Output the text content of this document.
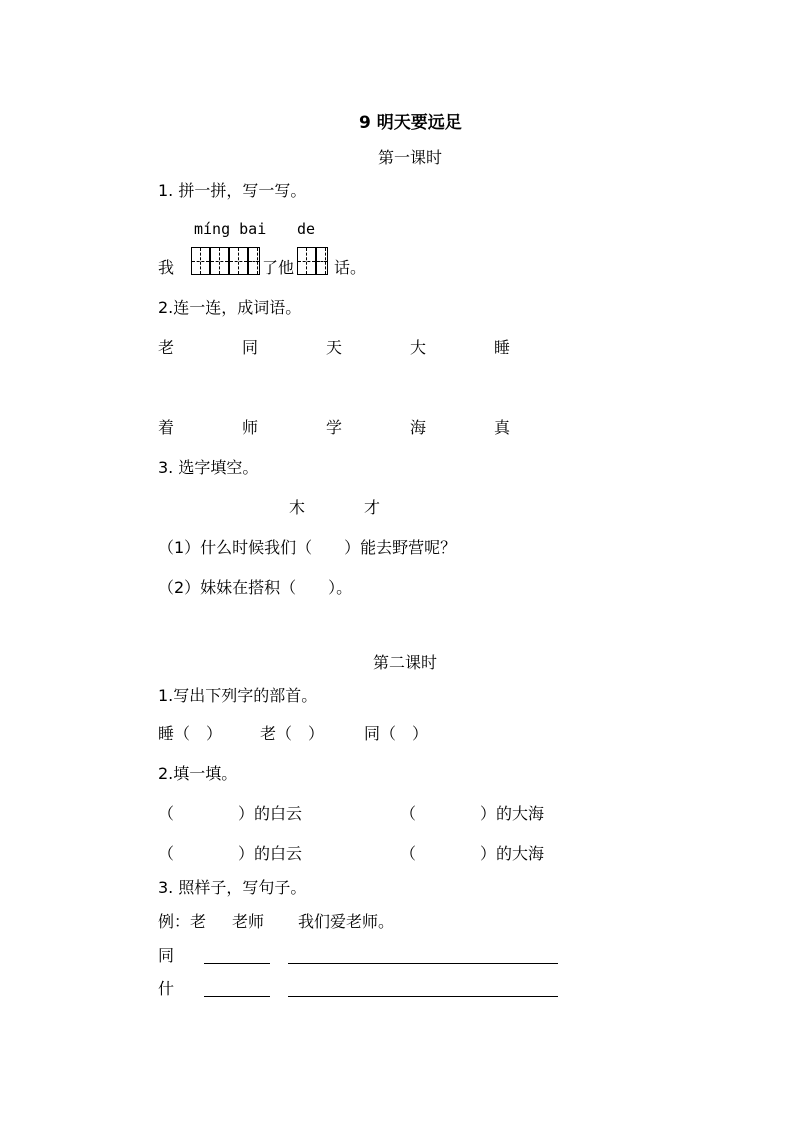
9 明天要远足
第一课时
1. 拼一拼，写一写。
míng bai de
我	了他 话。
2.连一连，成词语。
老	同	天	大	睡
着	师	学	海	真
3. 选字填空。
木	才
（1）什么时候我们（　　）能去野营呢？
（2）妹妹在搭积（　　）。
第二课时
1.写出下列字的部首。
睡（　） 老（　） 同（　）
2.填一填。
（　　　　）的白云	（　　　　）的大海
（　　　　）的白云	（　　　　）的大海
3. 照样子，写句子。
例：老 老师 我们爱老师。
同
什
